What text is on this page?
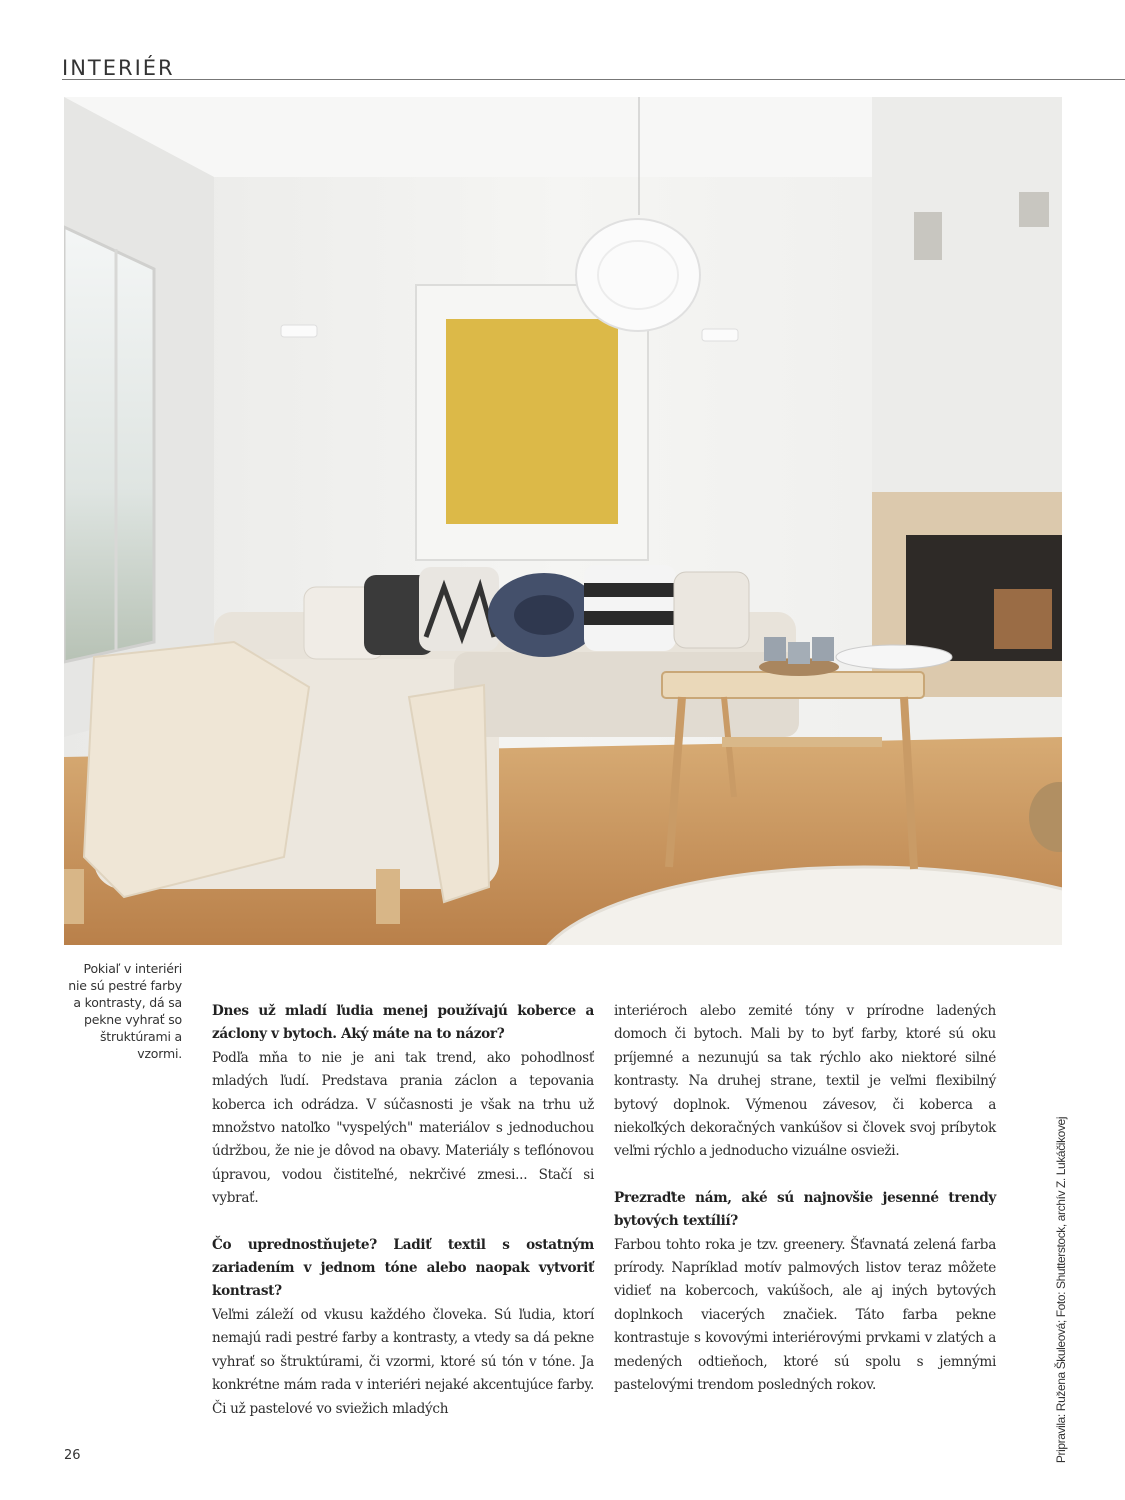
INTERIÉR

Pokiaľ v interiéri nie sú pestré farby a kontrasty, dá sa pekne vyhrať so štruktúrami a vzormi.

Dnes už mladí ľudia menej používajú koberce a záclony v bytoch. Aký máte na to názor?

Podľa mňa to nie je ani tak trend, ako pohodlnosť mladých ľudí. Predstava prania záclon a tepovania koberca ich odrádza. V súčasnosti je však na trhu už množstvo natoľko "vyspelých" materiálov s jednoduchou údržbou, že nie je dôvod na obavy. Materiály s teflónovou úpravou, vodou čistiteľné, nekrčivé zmesi... Stačí si vybrať.

Čo uprednostňujete? Ladiť textil s ostatným zariadením v jednom tóne alebo naopak vytvoriť kontrast?

Veľmi záleží od vkusu každého človeka. Sú ľudia, ktorí nemajú radi pestré farby a kontrasty, a vtedy sa dá pekne vyhrať so štruktúrami, či vzormi, ktoré sú tón v tóne. Ja konkrétne mám rada v interiéri nejaké akcentujúce farby. Či už pastelové vo sviežich mladých

interiéroch alebo zemité tóny v prírodne ladených domoch či bytoch. Mali by to byť farby, ktoré sú oku príjemné a nezunujú sa tak rýchlo ako niektoré silné kontrasty. Na druhej strane, textil je veľmi flexibilný bytový doplnok. Výmenou závesov, či koberca a niekoľkých dekoračných vankúšov si človek svoj príbytok veľmi rýchlo a jednoducho vizuálne osvieži.

Prezraďte nám, aké sú najnovšie jesenné trendy bytových textílií?

Farbou tohto roka je tzv. greenery. Šťavnatá zelená farba prírody. Napríklad motív palmových listov teraz môžete vidieť na kobercoch, vakúšoch, ale aj iných bytových doplnkoch viacerých značiek. Táto farba pekne kontrastuje s kovovými interiérovými prvkami v zlatých a medených odtieňoch, ktoré sú spolu s jemnými pastelovými trendom posledných rokov.	Pripravila: Ružena Škuleová; Foto: Shutterstock, archív Z. Lukáčikovej
26
